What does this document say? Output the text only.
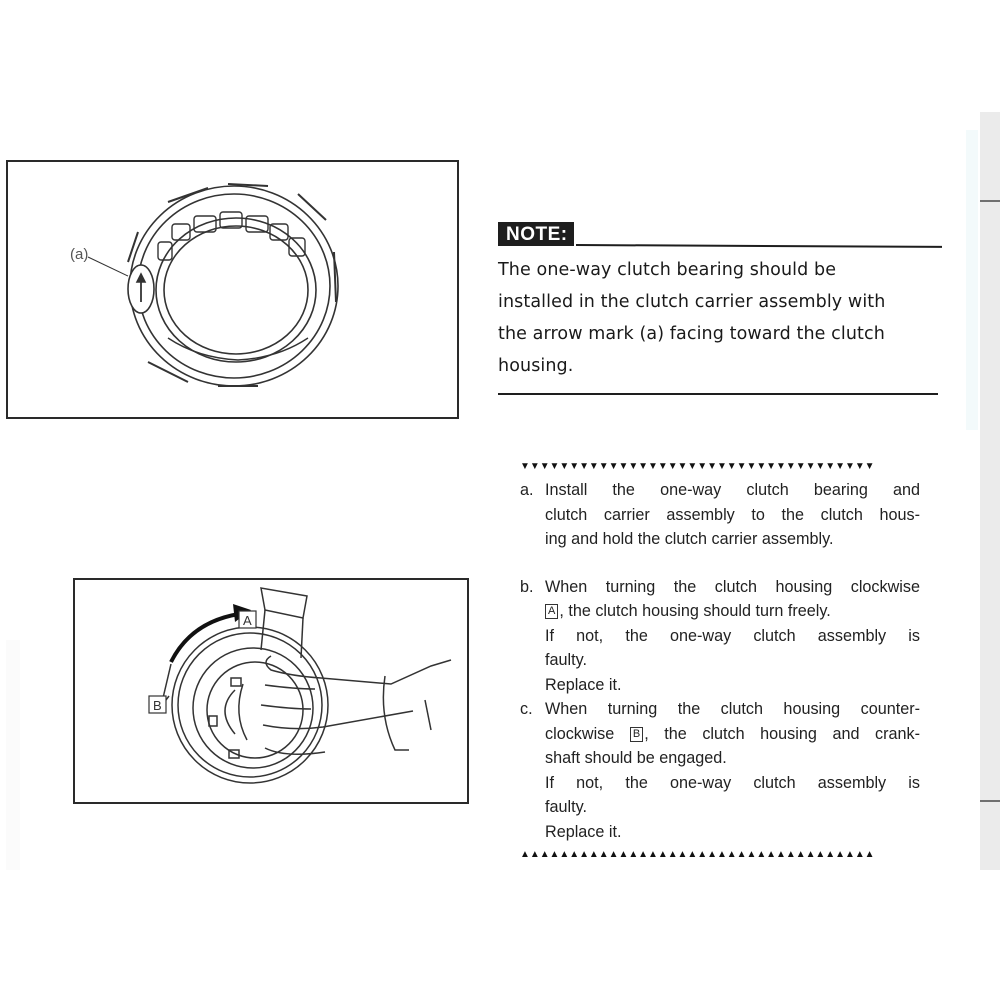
(a)
NOTE:
The one-way clutch bearing should be
installed in the clutch carrier assembly with
the arrow mark (a) facing toward the clutch
housing.
A
B
▼▼▼▼▼▼▼▼▼▼▼▼▼▼▼▼▼▼▼▼▼▼▼▼▼▼▼▼▼▼▼▼▼▼▼▼
a. Install the one-way clutch bearing and
clutch carrier assembly to the clutch hous-
ing and hold the clutch carrier assembly.
b. When turning the clutch housing clockwise
A , the clutch housing should turn freely.
If not, the one-way clutch assembly is
faulty.
Replace it.
c. When turning the clutch housing counter-
clockwise B , the clutch housing and crank-
shaft should be engaged.
If not, the one-way clutch assembly is
faulty.
Replace it.
▲▲▲▲▲▲▲▲▲▲▲▲▲▲▲▲▲▲▲▲▲▲▲▲▲▲▲▲▲▲▲▲▲▲▲▲
